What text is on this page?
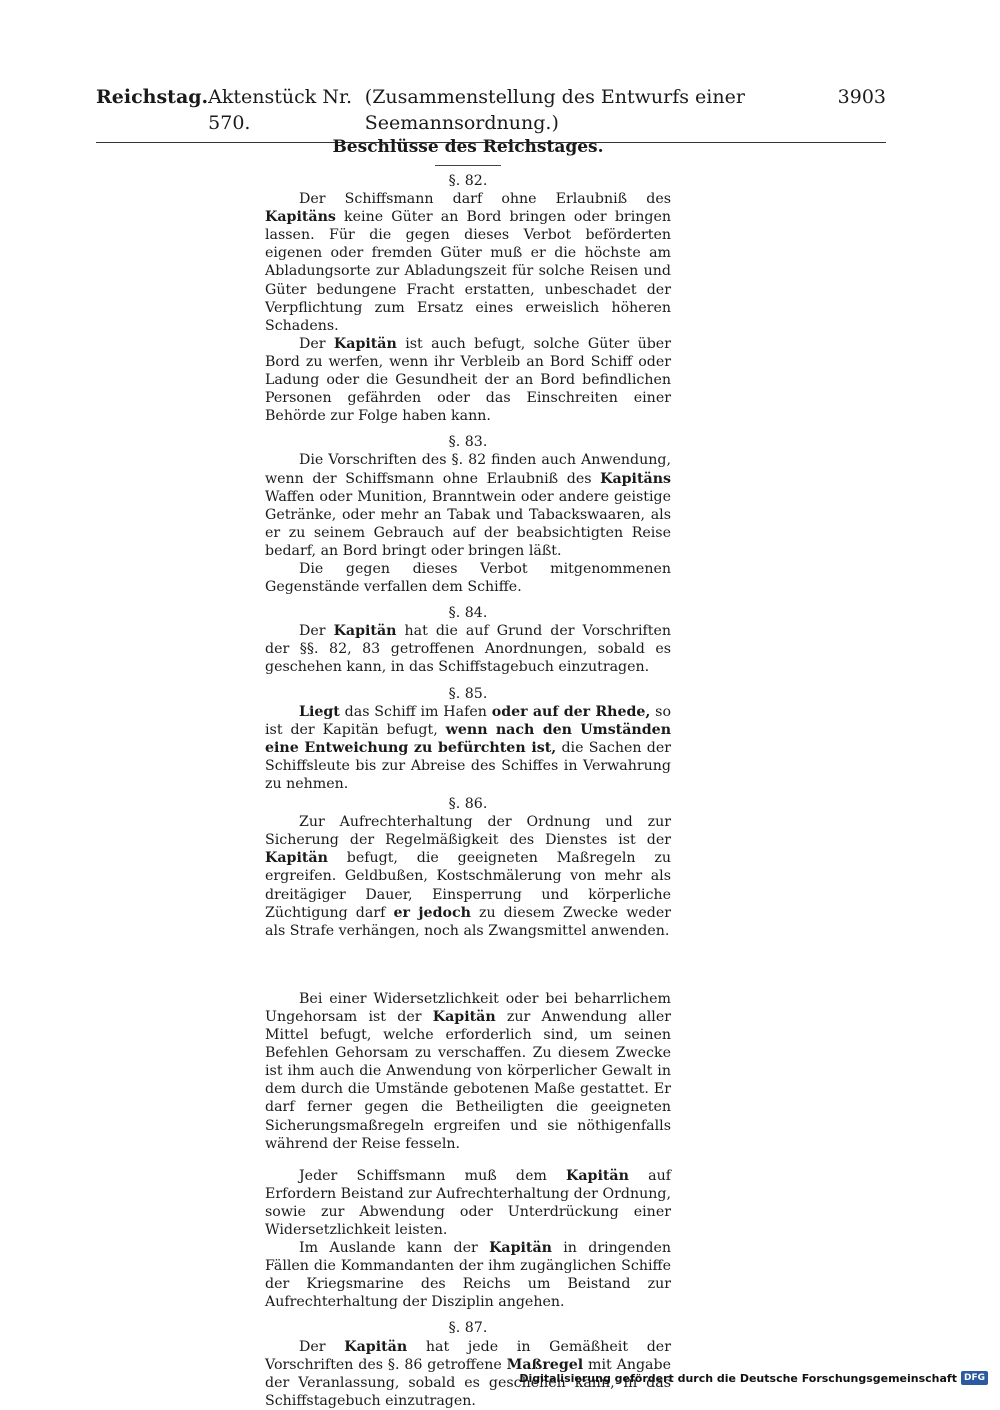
Reichstag. Aktenstück Nr. 570.
(Zusammenstellung des Entwurfs einer Seemannsordnung.)
3903
Beschlüsse des Reichstages.

§. 82.

Der Schiffsmann darf ohne Erlaubniß des Kapitäns keine Güter an Bord bringen oder bringen lassen. Für die gegen dieses Verbot beförderten eigenen oder fremden Güter muß er die höchste am Abladungsorte zur Abladungszeit für solche Reisen und Güter bedungene Fracht erstatten, unbeschadet der Verpflichtung zum Ersatz eines erweislich höheren Schadens.

Der Kapitän ist auch befugt, solche Güter über Bord zu werfen, wenn ihr Verbleib an Bord Schiff oder Ladung oder die Gesundheit der an Bord befindlichen Personen gefährden oder das Einschreiten einer Behörde zur Folge haben kann.

§. 83.

Die Vorschriften des §. 82 finden auch Anwendung, wenn der Schiffsmann ohne Erlaubniß des Kapitäns Waffen oder Munition, Branntwein oder andere geistige Getränke, oder mehr an Tabak und Tabackswaaren, als er zu seinem Gebrauch auf der beabsichtigten Reise bedarf, an Bord bringt oder bringen läßt.

Die gegen dieses Verbot mitgenommenen Gegenstände verfallen dem Schiffe.

§. 84.

Der Kapitän hat die auf Grund der Vorschriften der §§. 82, 83 getroffenen Anordnungen, sobald es geschehen kann, in das Schiffstagebuch einzutragen.

§. 85.

Liegt das Schiff im Hafen oder auf der Rhede, so ist der Kapitän befugt, wenn nach den Umständen eine Entweichung zu befürchten ist, die Sachen der Schiffsleute bis zur Abreise des Schiffes in Verwahrung zu nehmen.

§. 86.

Zur Aufrechterhaltung der Ordnung und zur Sicherung der Regelmäßigkeit des Dienstes ist der Kapitän befugt, die geeigneten Maßregeln zu ergreifen. Geldbußen, Kostschmälerung von mehr als dreitägiger Dauer, Einsperrung und körperliche Züchtigung darf er jedoch zu diesem Zwecke weder als Strafe verhängen, noch als Zwangsmittel anwenden.

Bei einer Widersetzlichkeit oder bei beharrlichem Ungehorsam ist der Kapitän zur Anwendung aller Mittel befugt, welche erforderlich sind, um seinen Befehlen Gehorsam zu verschaffen. Zu diesem Zwecke ist ihm auch die Anwendung von körperlicher Gewalt in dem durch die Umstände gebotenen Maße gestattet. Er darf ferner gegen die Betheiligten die geeigneten Sicherungsmaßregeln ergreifen und sie nöthigenfalls während der Reise fesseln.

Jeder Schiffsmann muß dem Kapitän auf Erfordern Beistand zur Aufrechterhaltung der Ordnung, sowie zur Abwendung oder Unterdrückung einer Widersetzlichkeit leisten.

Im Auslande kann der Kapitän in dringenden Fällen die Kommandanten der ihm zugänglichen Schiffe der Kriegsmarine des Reichs um Beistand zur Aufrechterhaltung der Disziplin angehen.

§. 87.

Der Kapitän hat jede in Gemäßheit der Vorschriften des §. 86 getroffene Maßregel mit Angabe der Veranlassung, sobald es geschehen kann, in das Schiffstagebuch einzutragen.

Digitalisierung gefördert durch die Deutsche Forschungsgemeinschaft DFG
